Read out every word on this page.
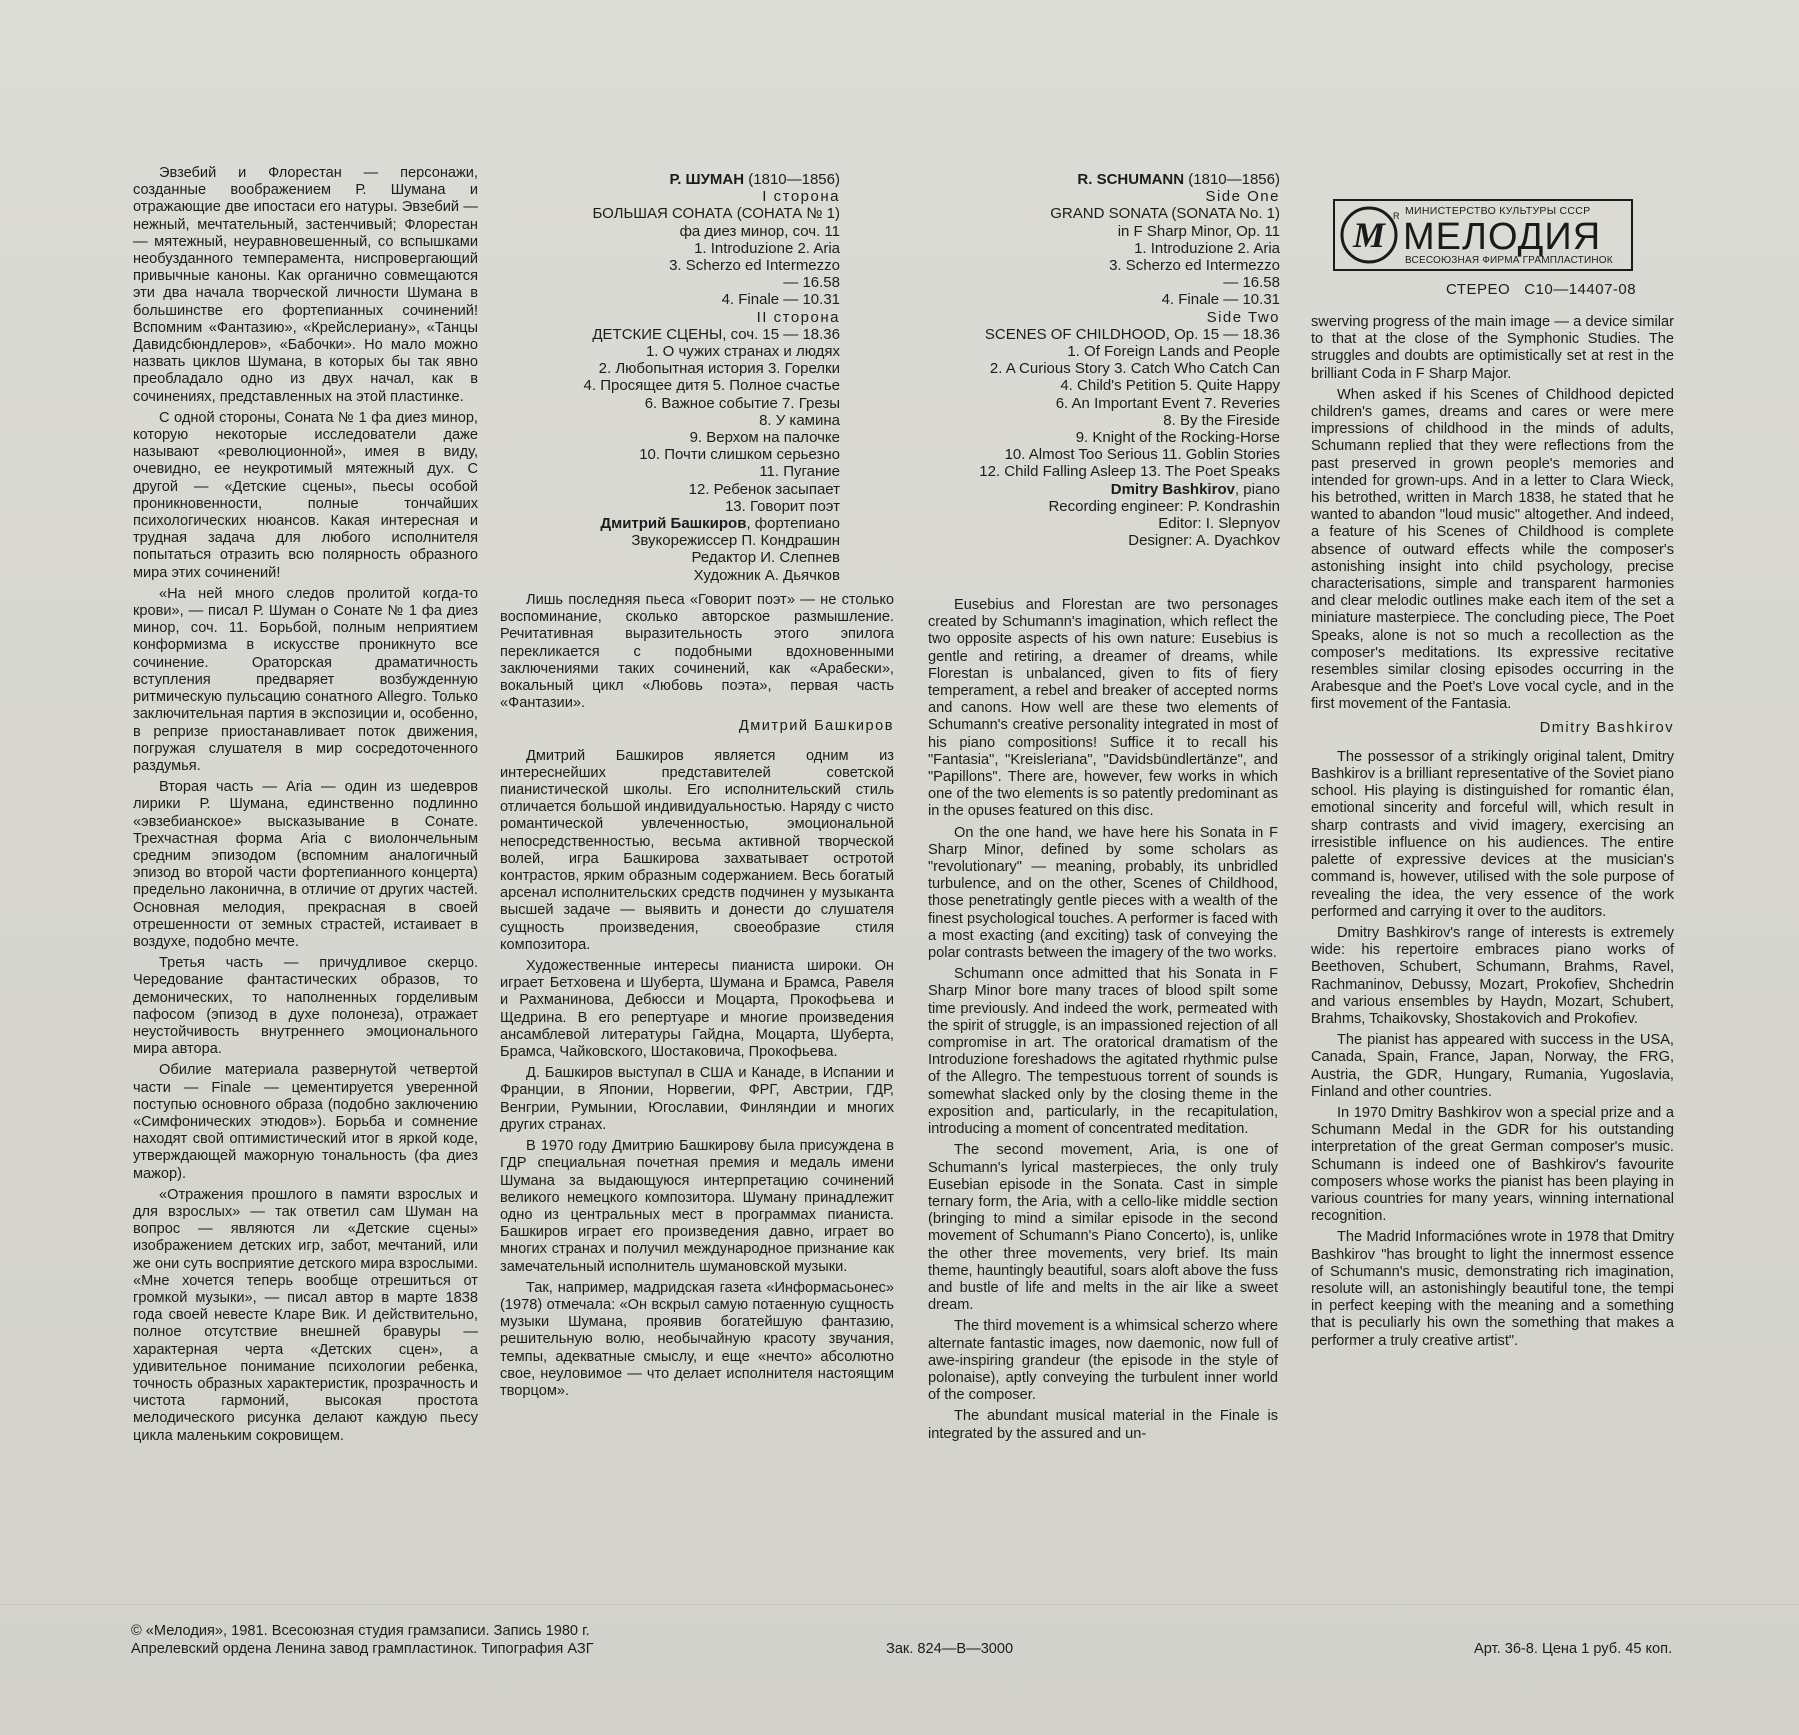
Р. ШУМАН (1810—1856)
I сторона
БОЛЬШАЯ СОНАТА (СОНАТА № 1)
фа диез минор, соч. 11
1. Introduzione 2. Aria
3. Scherzo ed Intermezzo
— 16.58
4. Finale — 10.31
II сторона
ДЕТСКИЕ СЦЕНЫ, соч. 15 — 18.36
1. О чужих странах и людях
2. Любопытная история 3. Горелки
4. Просящее дитя 5. Полное счастье
6. Важное событие 7. Грезы
8. У камина
9. Верхом на палочке
10. Почти слишком серьезно
11. Пугание
12. Ребенок засыпает
13. Говорит поэт
Дмитрий Башкиров, фортепиано
Звукорежиссер П. Кондрашин
Редактор И. Слепнев
Художник А. Дьячков
R. SCHUMANN (1810—1856)
Side One
GRAND SONATA (SONATA No. 1)
in F Sharp Minor, Op. 11
1. Introduzione 2. Aria
3. Scherzo ed Intermezzo
— 16.58
4. Finale — 10.31
Side Two
SCENES OF CHILDHOOD, Op. 15 — 18.36
1. Of Foreign Lands and People
2. A Curious Story 3. Catch Who Catch Can
4. Child's Petition 5. Quite Happy
6. An Important Event 7. Reveries
8. By the Fireside
9. Knight of the Rocking-Horse
10. Almost Too Serious 11. Goblin Stories
12. Child Falling Asleep 13. The Poet Speaks
Dmitry Bashkirov, piano
Recording engineer: P. Kondrashin
Editor: I. Slepnyov
Designer: A. Dyachkov
М R МИНИСТЕРСТВО КУЛЬТУРЫ СССР
МЕЛОДИЯ
ВСЕСОЮЗНАЯ ФИРМА ГРАМПЛАСТИНОК
СТЕРЕО С10—14407-08

Эвзебий и Флорестан — персонажи, созданные воображением Р. Шумана и отражающие две ипостаси его натуры. Эвзебий — нежный, мечтательный, застенчивый; Флорестан — мятежный, неуравновешенный, со вспышками необузданного темперамента, ниспровергающий привычные каноны. Как органично совмещаются эти два начала творческой личности Шумана в большинстве его фортепианных сочинений! Вспомним «Фантазию», «Крейслериану», «Танцы Давидсбюндлеров», «Бабочки». Но мало можно назвать циклов Шумана, в которых бы так явно преобладало одно из двух начал, как в сочинениях, представленных на этой пластинке.

С одной стороны, Соната № 1 фа диез минор, которую некоторые исследователи даже называют «революционной», имея в виду, очевидно, ее неукротимый мятежный дух. С другой — «Детские сцены», пьесы особой проникновенности, полные тончайших психологических нюансов. Какая интересная и трудная задача для любого исполнителя попытаться отразить всю полярность образного мира этих сочинений!

«На ней много следов пролитой когда-то крови», — писал Р. Шуман о Сонате № 1 фа диез минор, соч. 11. Борьбой, полным неприятием конформизма в искусстве проникнуто все сочинение. Ораторская драматичность вступления предваряет возбужденную ритмическую пульсацию сонатного Allegro. Только заключительная партия в экспозиции и, особенно, в репризе приостанавливает поток движения, погружая слушателя в мир сосредоточенного раздумья.

Вторая часть — Aria — один из шедевров лирики Р. Шумана, единственно подлинно «эвзебианское» высказывание в Сонате. Трехчастная форма Aria с виолончельным средним эпизодом (вспомним аналогичный эпизод во второй части фортепианного концерта) предельно лаконична, в отличие от других частей. Основная мелодия, прекрасная в своей отрешенности от земных страстей, истаивает в воздухе, подобно мечте.

Третья часть — причудливое скерцо. Чередование фантастических образов, то демонических, то наполненных горделивым пафосом (эпизод в духе полонеза), отражает неустойчивость внутреннего эмоционального мира автора.

Обилие материала развернутой четвертой части — Finale — цементируется уверенной поступью основного образа (подобно заключению «Симфонических этюдов»). Борьба и сомнение находят свой оптимистический итог в яркой коде, утверждающей мажорную тональность (фа диез мажор).

«Отражения прошлого в памяти взрослых и для взрослых» — так ответил сам Шуман на вопрос — являются ли «Детские сцены» изображением детских игр, забот, мечтаний, или же они суть восприятие детского мира взрослыми. «Мне хочется теперь вообще отрешиться от громкой музыки», — писал автор в марте 1838 года своей невесте Кларе Вик. И действительно, полное отсутствие внешней бравуры — характерная черта «Детских сцен», а удивительное понимание психологии ребенка, точность образных характеристик, прозрачность и чистота гармоний, высокая простота мелодического рисунка делают каждую пьесу цикла маленьким сокровищем.

Лишь последняя пьеса «Говорит поэт» — не столько воспоминание, сколько авторское размышление. Речитативная выразительность этого эпилога перекликается с подобными вдохновенными заключениями таких сочинений, как «Арабески», вокальный цикл «Любовь поэта», первая часть «Фантазии».

Дмитрий Башкиров

Дмитрий Башкиров является одним из интереснейших представителей советской пианистической школы. Его исполнительский стиль отличается большой индивидуальностью. Наряду с чисто романтической увлеченностью, эмоциональной непосредственностью, весьма активной творческой волей, игра Башкирова захватывает остротой контрастов, ярким образным содержанием. Весь богатый арсенал исполнительских средств подчинен у музыканта высшей задаче — выявить и донести до слушателя сущность произведения, своеобразие стиля композитора.

Художественные интересы пианиста широки. Он играет Бетховена и Шуберта, Шумана и Брамса, Равеля и Рахманинова, Дебюсси и Моцарта, Прокофьева и Щедрина. В его репертуаре и многие произведения ансамблевой литературы Гайдна, Моцарта, Шуберта, Брамса, Чайковского, Шостаковича, Прокофьева.

Д. Башкиров выступал в США и Канаде, в Испании и Франции, в Японии, Норвегии, ФРГ, Австрии, ГДР, Венгрии, Румынии, Югославии, Финляндии и многих других странах.

В 1970 году Дмитрию Башкирову была присуждена в ГДР специальная почетная премия и медаль имени Шумана за выдающуюся интерпретацию сочинений великого немецкого композитора. Шуману принадлежит одно из центральных мест в программах пианиста. Башкиров играет его произведения давно, играет во многих странах и получил международное признание как замечательный исполнитель шумановской музыки.

Так, например, мадридская газета «Информасьонес» (1978) отмечала: «Он вскрыл самую потаенную сущность музыки Шумана, проявив богатейшую фантазию, решительную волю, необычайную красоту звучания, темпы, адекватные смыслу, и еще «нечто» абсолютно свое, неуловимое — что делает исполнителя настоящим творцом».

Eusebius and Florestan are two personages created by Schumann's imagination, which reflect the two opposite aspects of his own nature: Eusebius is gentle and retiring, a dreamer of dreams, while Florestan is unbalanced, given to fits of fiery temperament, a rebel and breaker of accepted norms and canons. How well are these two elements of Schumann's creative personality integrated in most of his piano compositions! Suffice it to recall his "Fantasia", "Kreisleriana", "Davidsbündlertänze", and "Papillons". There are, however, few works in which one of the two elements is so patently predominant as in the opuses featured on this disc.

On the one hand, we have here his Sonata in F Sharp Minor, defined by some scholars as "revolutionary" — meaning, probably, its unbridled turbulence, and on the other, Scenes of Childhood, those penetratingly gentle pieces with a wealth of the finest psychological touches. A performer is faced with a most exacting (and exciting) task of conveying the polar contrasts between the imagery of the two works.

Schumann once admitted that his Sonata in F Sharp Minor bore many traces of blood spilt some time previously. And indeed the work, permeated with the spirit of struggle, is an impassioned rejection of all compromise in art. The oratorical dramatism of the Introduzione foreshadows the agitated rhythmic pulse of the Allegro. The tempestuous torrent of sounds is somewhat slacked only by the closing theme in the exposition and, particularly, in the recapitulation, introducing a moment of concentrated meditation.

The second movement, Aria, is one of Schumann's lyrical masterpieces, the only truly Eusebian episode in the Sonata. Cast in simple ternary form, the Aria, with a cello-like middle section (bringing to mind a similar episode in the second movement of Schumann's Piano Concerto), is, unlike the other three movements, very brief. Its main theme, hauntingly beautiful, soars aloft above the fuss and bustle of life and melts in the air like a sweet dream.

The third movement is a whimsical scherzo where alternate fantastic images, now daemonic, now full of awe-inspiring grandeur (the episode in the style of polonaise), aptly conveying the turbulent inner world of the composer.

The abundant musical material in the Finale is integrated by the assured and un-

swerving progress of the main image — a device similar to that at the close of the Symphonic Studies. The struggles and doubts are optimistically set at rest in the brilliant Coda in F Sharp Major.

When asked if his Scenes of Childhood depicted children's games, dreams and cares or were mere impressions of childhood in the minds of adults, Schumann replied that they were reflections from the past preserved in grown people's memories and intended for grown-ups. And in a letter to Clara Wieck, his betrothed, written in March 1838, he stated that he wanted to abandon "loud music" altogether. And indeed, a feature of his Scenes of Childhood is complete absence of outward effects while the composer's astonishing insight into child psychology, precise characterisations, simple and transparent harmonies and clear melodic outlines make each item of the set a miniature masterpiece. The concluding piece, The Poet Speaks, alone is not so much a recollection as the composer's meditations. Its expressive recitative resembles similar closing episodes occurring in the Arabesque and the Poet's Love vocal cycle, and in the first movement of the Fantasia.

Dmitry Bashkirov

The possessor of a strikingly original talent, Dmitry Bashkirov is a brilliant representative of the Soviet piano school. His playing is distinguished for romantic élan, emotional sincerity and forceful will, which result in sharp contrasts and vivid imagery, exercising an irresistible influence on his audiences. The entire palette of expressive devices at the musician's command is, however, utilised with the sole purpose of revealing the idea, the very essence of the work performed and carrying it over to the auditors.

Dmitry Bashkirov's range of interests is extremely wide: his repertoire embraces piano works of Beethoven, Schubert, Schumann, Brahms, Ravel, Rachmaninov, Debussy, Mozart, Prokofiev, Shchedrin and various ensembles by Haydn, Mozart, Schubert, Brahms, Tchaikovsky, Shostakovich and Prokofiev.

The pianist has appeared with success in the USA, Canada, Spain, France, Japan, Norway, the FRG, Austria, the GDR, Hungary, Rumania, Yugoslavia, Finland and other countries.

In 1970 Dmitry Bashkirov won a special prize and a Schumann Medal in the GDR for his outstanding interpretation of the great German composer's music. Schumann is indeed one of Bashkirov's favourite composers whose works the pianist has been playing in various countries for many years, winning international recognition.

The Madrid Informaciónes wrote in 1978 that Dmitry Bashkirov "has brought to light the innermost essence of Schumann's music, demonstrating rich imagination, resolute will, an astonishingly beautiful tone, the tempi in perfect keeping with the meaning and a something that is peculiarly his own the something that makes a performer a truly creative artist".

© «Мелодия», 1981. Всесоюзная студия грамзаписи. Запись 1980 г.
Апрелевский ордена Ленина завод грампластинок. Типография АЗГ	Зак. 824—В—3000	Арт. 36-8. Цена 1 руб. 45 коп.
